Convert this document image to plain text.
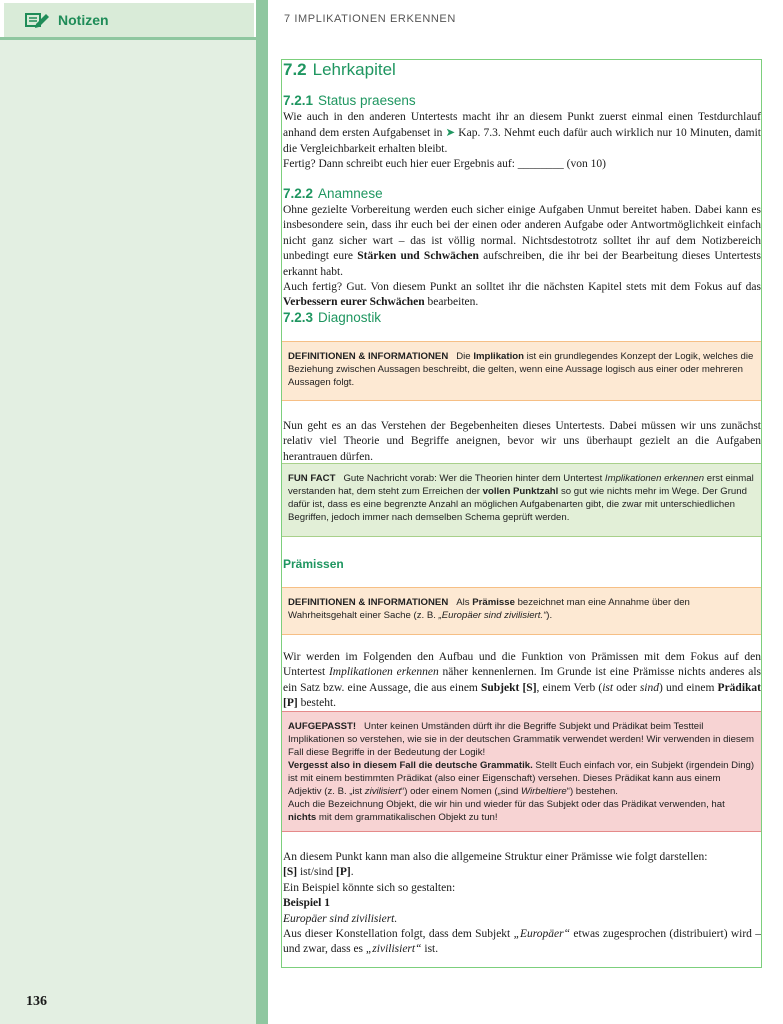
Notizen
136
7 IMPLIKATIONEN ERKENNEN
7.2 Lehrkapitel
7.2.1 Status praesens

Wie auch in den anderen Untertests macht ihr an diesem Punkt zuerst einmal einen Testdurchlauf anhand dem ersten Aufgabenset in ➤ Kap. 7.3. Nehmt euch dafür auch wirklich nur 10 Minuten, damit die Vergleichbarkeit erhalten bleibt.
Fertig? Dann schreibt euch hier euer Ergebnis auf: ________ (von 10)

7.2.2 Anamnese

Ohne gezielte Vorbereitung werden euch sicher einige Aufgaben Unmut bereitet haben. Dabei kann es insbesondere sein, dass ihr euch bei der einen oder anderen Aufgabe oder Antwortmöglichkeit einfach nicht ganz sicher wart – das ist völlig normal. Nichtsdestotrotz solltet ihr auf dem Notizbereich unbedingt eure Stärken und Schwächen aufschreiben, die ihr bei der Bearbeitung dieses Untertests erkannt habt.
Auch fertig? Gut. Von diesem Punkt an solltet ihr die nächsten Kapitel stets mit dem Fokus auf das Verbessern eurer Schwächen bearbeiten.

7.2.3 Diagnostik
DEFINITIONEN & INFORMATIONEN Die Implikation ist ein grundlegendes Konzept der Logik, welches die Beziehung zwischen Aussagen beschreibt, die gelten, wenn eine Aussage logisch aus einer oder mehreren Aussagen folgt.

Nun geht es an das Verstehen der Begebenheiten dieses Untertests. Dabei müssen wir uns zunächst relativ viel Theorie und Begriffe aneignen, bevor wir uns überhaupt gezielt an die Aufgaben herantrauen dürfen.

FUN FACT Gute Nachricht vorab: Wer die Theorien hinter dem Untertest Implikationen erkennen erst einmal verstanden hat, dem steht zum Erreichen der vollen Punktzahl so gut wie nichts mehr im Wege. Der Grund dafür ist, dass es eine begrenzte Anzahl an möglichen Aufgabenarten gibt, die zwar mit unterschiedlichen Begriffen, jedoch immer nach demselben Schema geprüft werden.
Prämissen
DEFINITIONEN & INFORMATIONEN Als Prämisse bezeichnet man eine Annahme über den Wahrheitsgehalt einer Sache (z. B. „Europäer sind zivilisiert.“).

Wir werden im Folgenden den Aufbau und die Funktion von Prämissen mit dem Fokus auf den Untertest Implikationen erkennen näher kennenlernen. Im Grunde ist eine Prämisse nichts anderes als ein Satz bzw. eine Aussage, die aus einem Subjekt [S], einem Verb (ist oder sind) und einem Prädikat [P] besteht.

AUFGEPASST! Unter keinen Umständen dürft ihr die Begriffe Subjekt und Prädikat beim Testteil Implikationen so verstehen, wie sie in der deutschen Grammatik verwendet werden! Wir verwenden in diesem Fall diese Begriffe in der Bedeutung der Logik!
Vergesst also in diesem Fall die deutsche Grammatik. Stellt Euch einfach vor, ein Subjekt (irgendein Ding) ist mit einem bestimmten Prädikat (also einer Eigenschaft) versehen. Dieses Prädikat kann aus einem Adjektiv (z. B. „ist zivilisiert“) oder einem Nomen („sind Wirbeltiere“) bestehen.
Auch die Bezeichnung Objekt, die wir hin und wieder für das Subjekt oder das Prädikat verwenden, hat nichts mit dem grammatikalischen Objekt zu tun!

An diesem Punkt kann man also die allgemeine Struktur einer Prämisse wie folgt darstellen:
[S] ist/sind [P].
Ein Beispiel könnte sich so gestalten:
Beispiel 1
Europäer sind zivilisiert.
Aus dieser Konstellation folgt, dass dem Subjekt „Europäer“ etwas zugesprochen (distribuiert) wird – und zwar, dass es „zivilisiert“ ist.
